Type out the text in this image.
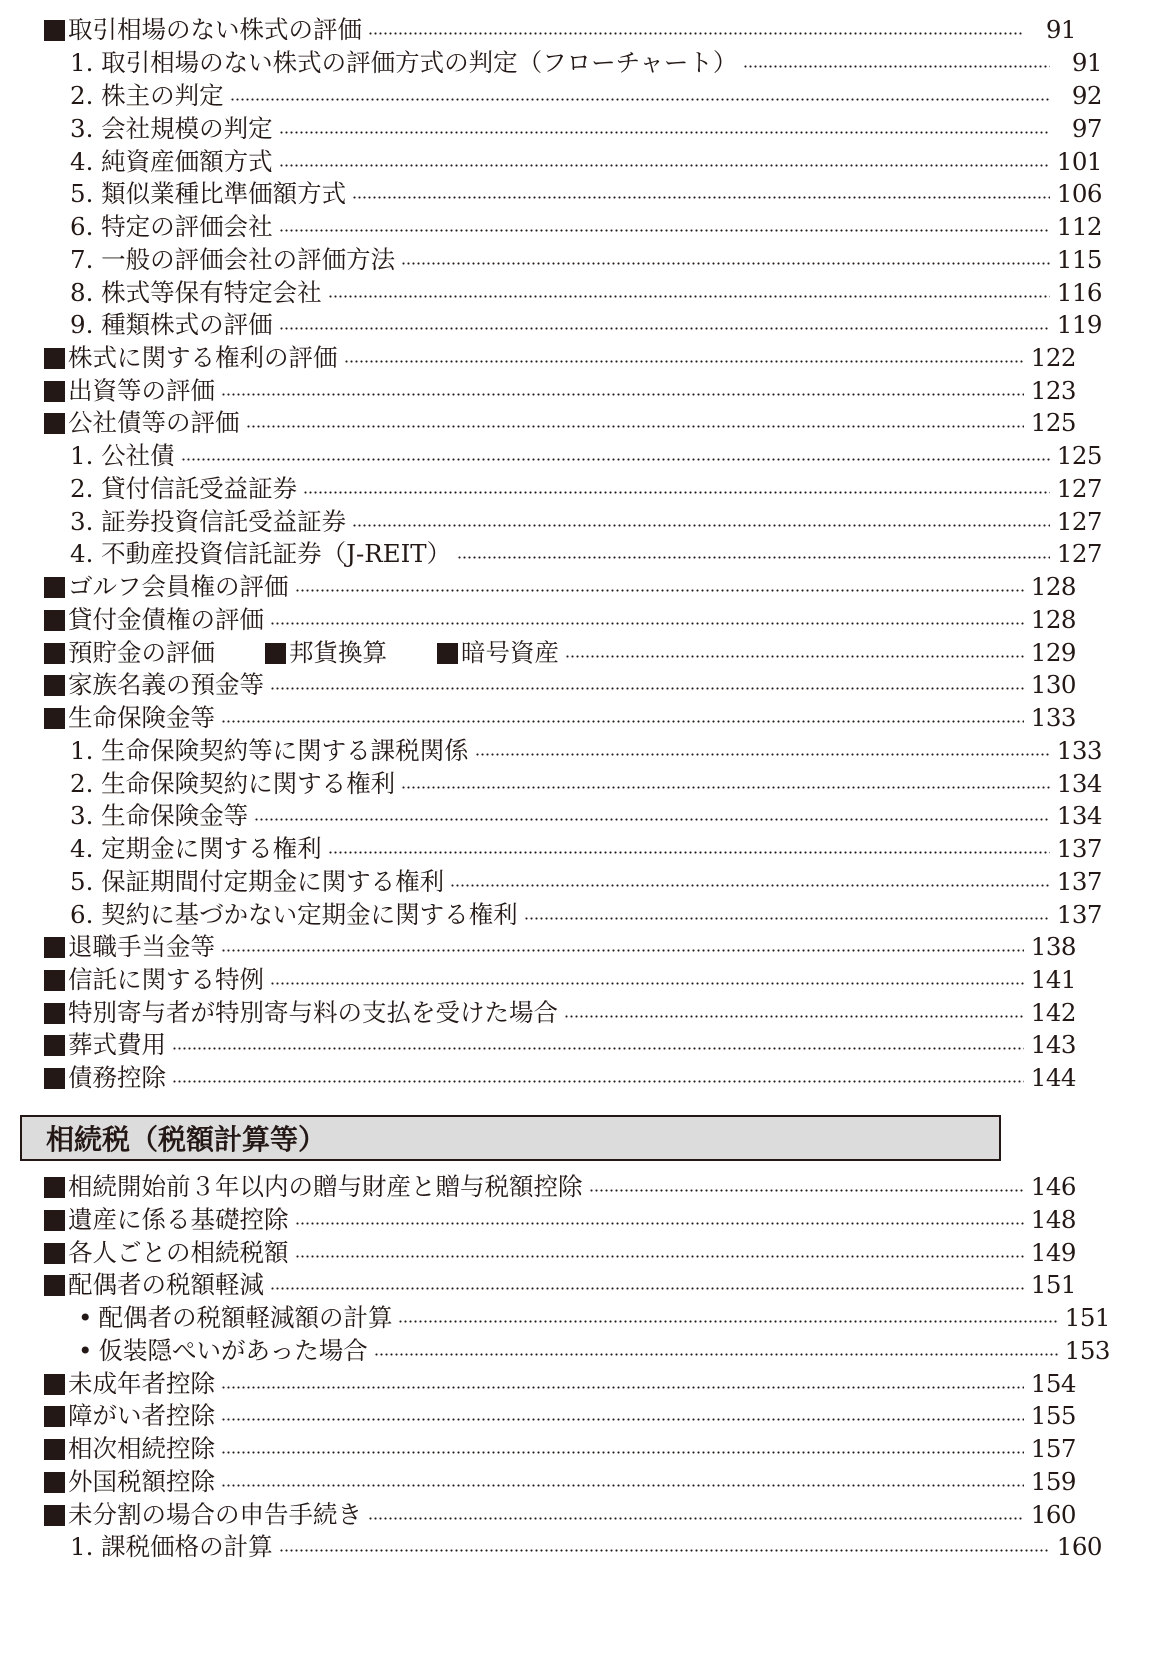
取引相場のない株式の評価	91
1. 取引相場のない株式の評価方式の判定（フローチャート）	91
2. 株主の判定	92
3. 会社規模の判定	97
4. 純資産価額方式	101
5. 類似業種比準価額方式	106
6. 特定の評価会社	112
7. 一般の評価会社の評価方法	115
8. 株式等保有特定会社	116
9. 種類株式の評価	119
株式に関する権利の評価	122
出資等の評価	123
公社債等の評価	125
1. 公社債	125
2. 貸付信託受益証券	127
3. 証券投資信託受益証券	127
4. 不動産投資信託証券（J-REIT）	127
ゴルフ会員権の評価	128
貸付金債権の評価	128
預貯金の評価	邦貨換算	暗号資産	129
家族名義の預金等	130
生命保険金等	133
1. 生命保険契約等に関する課税関係	133
2. 生命保険契約に関する権利	134
3. 生命保険金等	134
4. 定期金に関する権利	137
5. 保証期間付定期金に関する権利	137
6. 契約に基づかない定期金に関する権利	137
退職手当金等	138
信託に関する特例	141
特別寄与者が特別寄与料の支払を受けた場合	142
葬式費用	143
債務控除	144
相続税（税額計算等）
相続開始前３年以内の贈与財産と贈与税額控除	146
遺産に係る基礎控除	148
各人ごとの相続税額	149
配偶者の税額軽減	151
• 配偶者の税額軽減額の計算	151
• 仮装隠ぺいがあった場合	153
未成年者控除	154
障がい者控除	155
相次相続控除	157
外国税額控除	159
未分割の場合の申告手続き	160
1. 課税価格の計算	160
